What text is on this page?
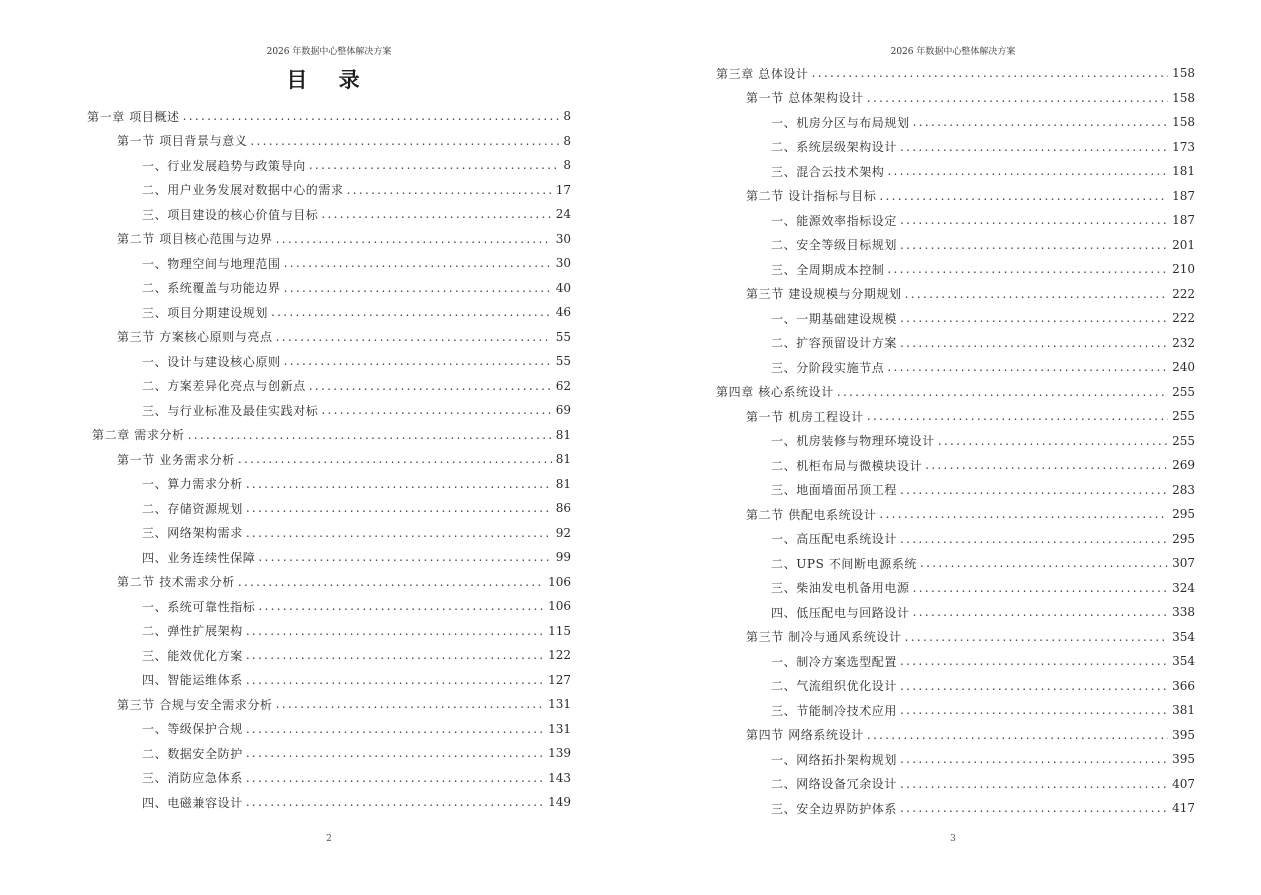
2026 年数据中心整体解决方案
目 录
第一章 项目概述 .....	8
第一节 项目背景与意义 .....	8
一、行业发展趋势与政策导向 .....	8
二、用户业务发展对数据中心的需求 .....	17
三、项目建设的核心价值与目标 .....	24
第二节 项目核心范围与边界 .....	30
一、物理空间与地理范围 .....	30
二、系统覆盖与功能边界 .....	40
三、项目分期建设规划 .....	46
第三节 方案核心原则与亮点 .....	55
一、设计与建设核心原则 .....	55
二、方案差异化亮点与创新点 .....	62
三、与行业标准及最佳实践对标 .....	69
第二章 需求分析 .....	81
第一节 业务需求分析 .....	81
一、算力需求分析 .....	81
二、存储资源规划 .....	86
三、网络架构需求 .....	92
四、业务连续性保障 .....	99
第二节 技术需求分析 .....	106
一、系统可靠性指标 .....	106
二、弹性扩展架构 .....	115
三、能效优化方案 .....	122
四、智能运维体系 .....	127
第三节 合规与安全需求分析 .....	131
一、等级保护合规 .....	131
二、数据安全防护 .....	139
三、消防应急体系 .....	143
四、电磁兼容设计 .....	149
2
2026 年数据中心整体解决方案
第三章 总体设计 .....	158
第一节 总体架构设计 .....	158
一、机房分区与布局规划 .....	158
二、系统层级架构设计 .....	173
三、混合云技术架构 .....	181
第二节 设计指标与目标 .....	187
一、能源效率指标设定 .....	187
二、安全等级目标规划 .....	201
三、全周期成本控制 .....	210
第三节 建设规模与分期规划 .....	222
一、一期基础建设规模 .....	222
二、扩容预留设计方案 .....	232
三、分阶段实施节点 .....	240
第四章 核心系统设计 .....	255
第一节 机房工程设计 .....	255
一、机房装修与物理环境设计 .....	255
二、机柜布局与微模块设计 .....	269
三、地面墙面吊顶工程 .....	283
第二节 供配电系统设计 .....	295
一、高压配电系统设计 .....	295
二、UPS 不间断电源系统 .....	307
三、柴油发电机备用电源 .....	324
四、低压配电与回路设计 .....	338
第三节 制冷与通风系统设计 .....	354
一、制冷方案选型配置 .....	354
二、气流组织优化设计 .....	366
三、节能制冷技术应用 .....	381
第四节 网络系统设计 .....	395
一、网络拓扑架构规划 .....	395
二、网络设备冗余设计 .....	407
三、安全边界防护体系 .....	417
3
